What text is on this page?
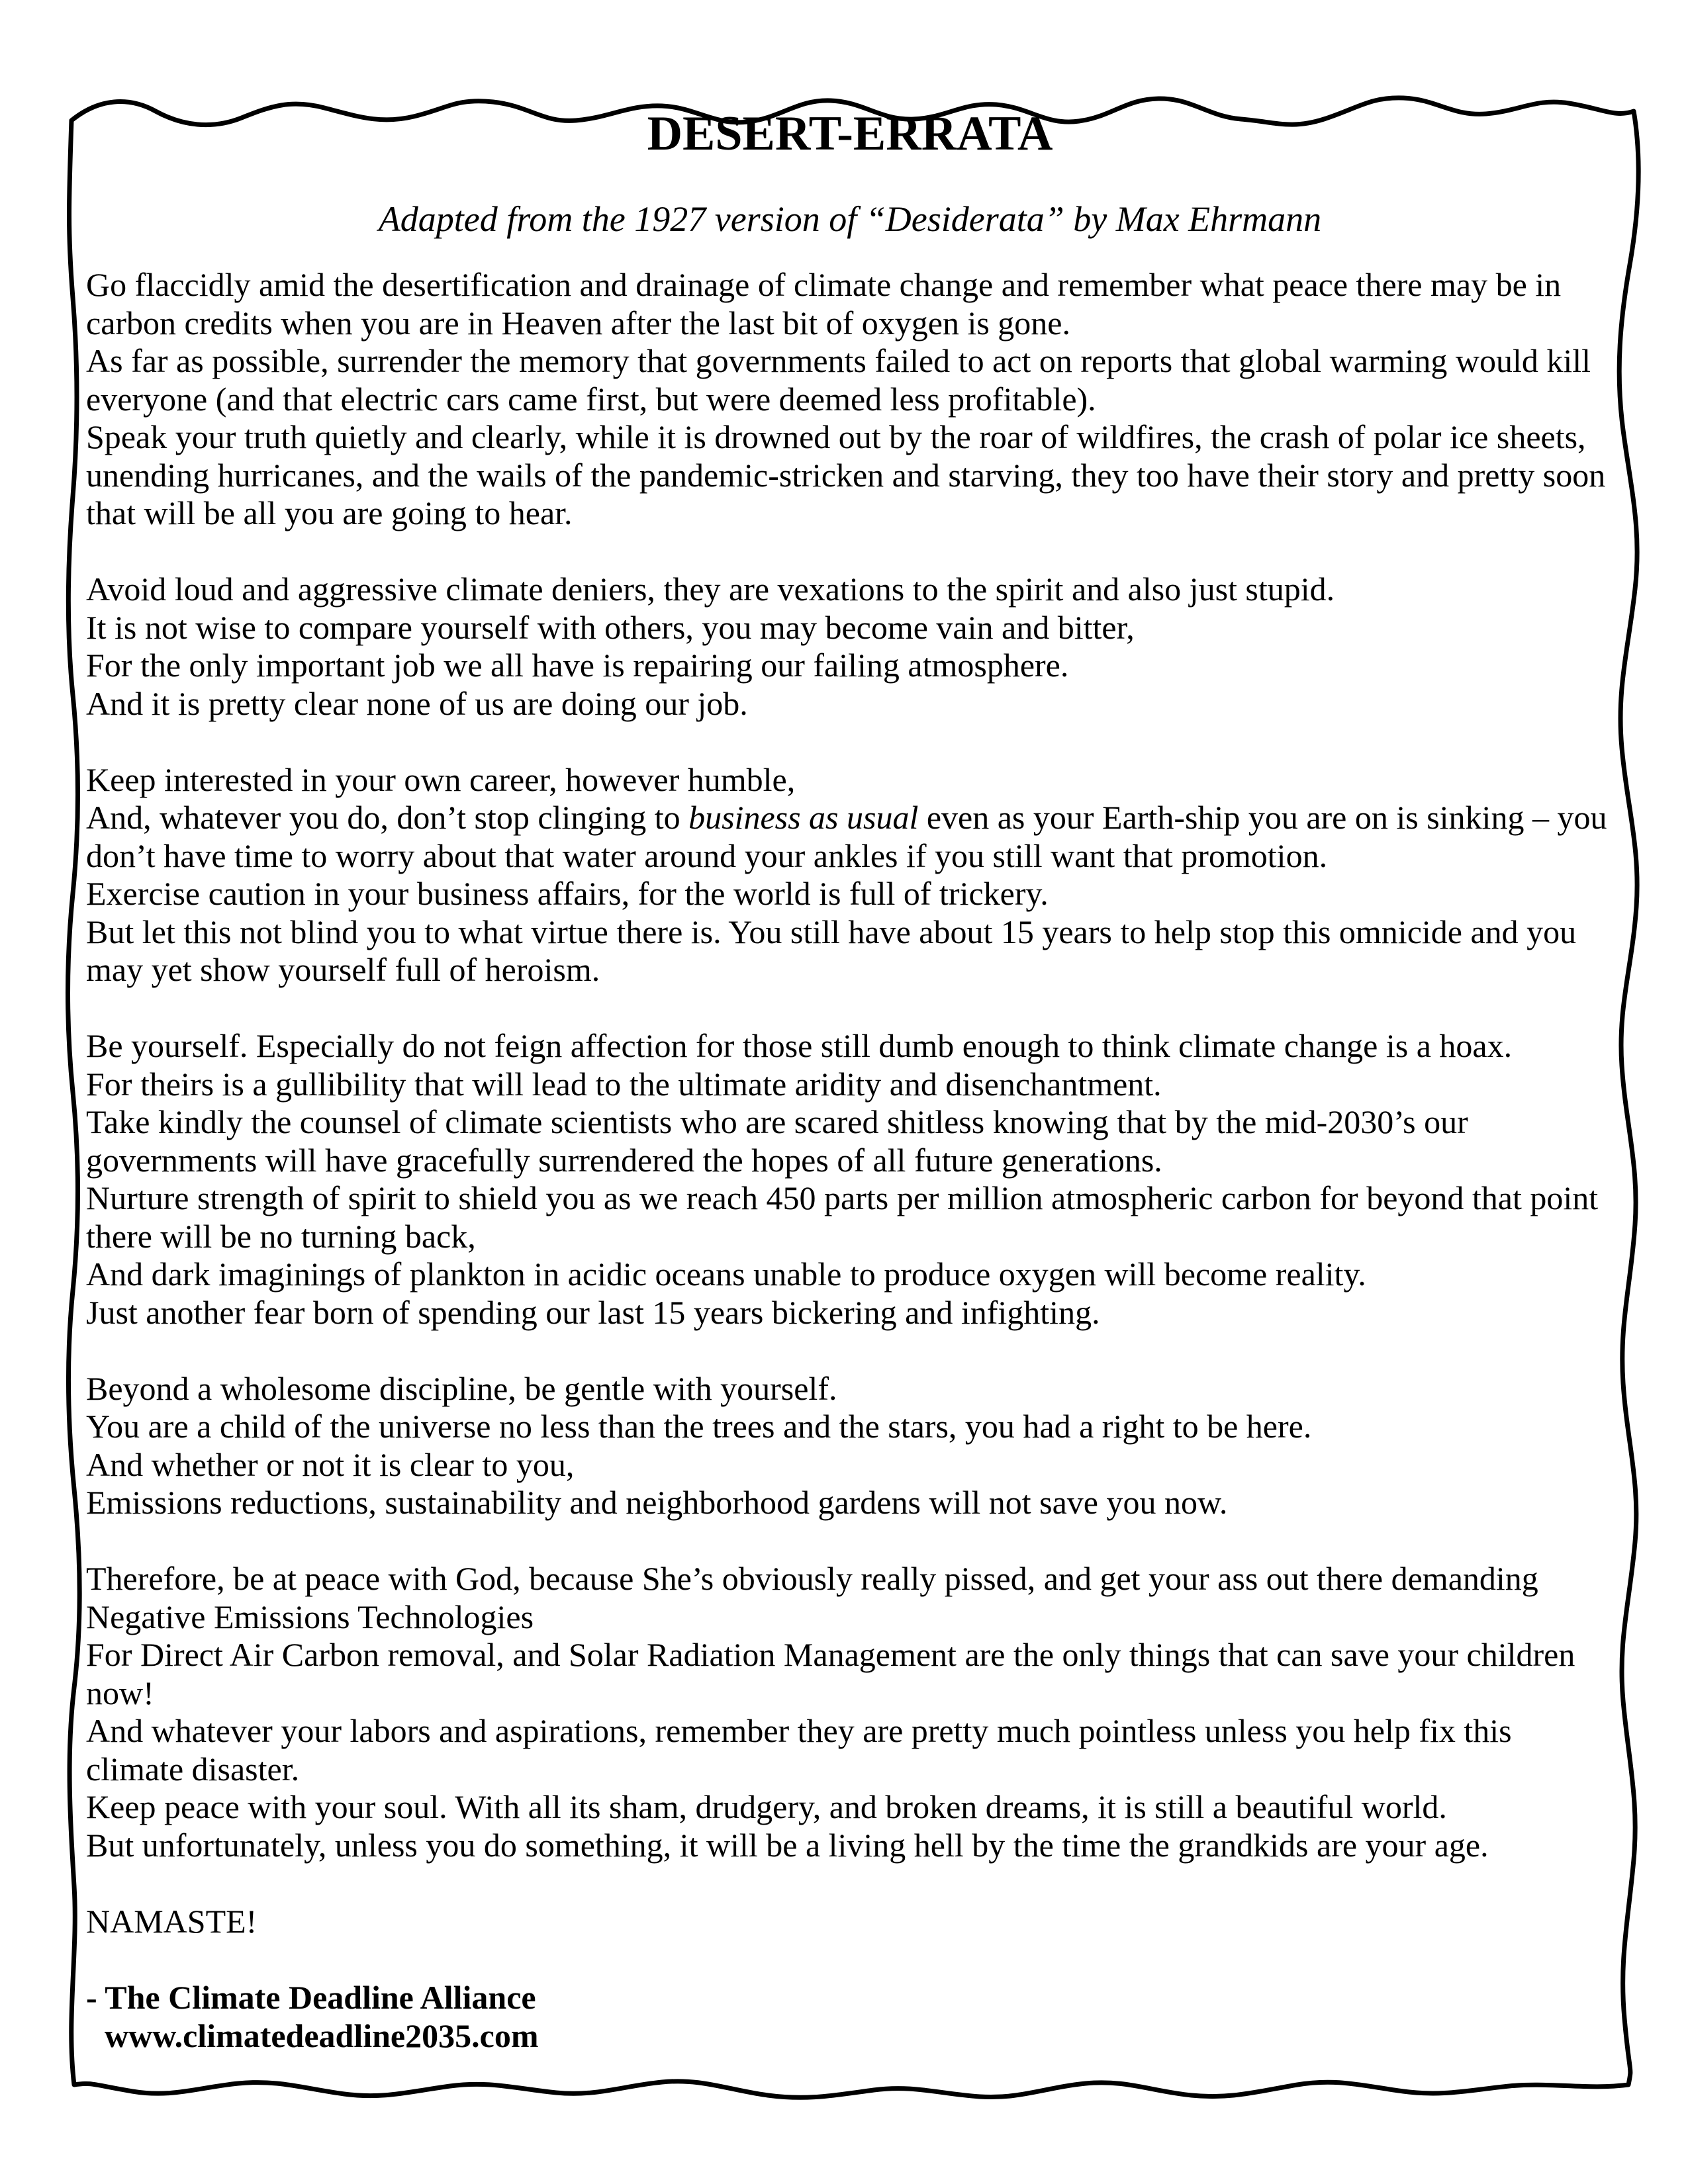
DESERT-ERRATA
Adapted from the 1927 version of “Desiderata” by Max Ehrmann
Go flaccidly amid the desertification and drainage of climate change and remember what peace there may be in carbon credits when you are in Heaven after the last bit of oxygen is gone.
As far as possible, surrender the memory that governments failed to act on reports that global warming would kill everyone (and that electric cars came first, but were deemed less profitable).
Speak your truth quietly and clearly, while it is drowned out by the roar of wildfires, the crash of polar ice sheets, unending hurricanes, and the wails of the pandemic-stricken and starving, they too have their story and pretty soon that will be all you are going to hear.
Avoid loud and aggressive climate deniers, they are vexations to the spirit and also just stupid.
It is not wise to compare yourself with others, you may become vain and bitter,
For the only important job we all have is repairing our failing atmosphere.
And it is pretty clear none of us are doing our job.
Keep interested in your own career, however humble,
And, whatever you do, don’t stop clinging to business as usual even as your Earth-ship you are on is sinking – you don’t have time to worry about that water around your ankles if you still want that promotion.
Exercise caution in your business affairs, for the world is full of trickery.
But let this not blind you to what virtue there is. You still have about 15 years to help stop this omnicide and you may yet show yourself full of heroism.
Be yourself. Especially do not feign affection for those still dumb enough to think climate change is a hoax.
For theirs is a gullibility that will lead to the ultimate aridity and disenchantment.
Take kindly the counsel of climate scientists who are scared shitless knowing that by the mid-2030’s our governments will have gracefully surrendered the hopes of all future generations.
Nurture strength of spirit to shield you as we reach 450 parts per million atmospheric carbon for beyond that point there will be no turning back,
And dark imaginings of plankton in acidic oceans unable to produce oxygen will become reality.
Just another fear born of spending our last 15 years bickering and infighting.
Beyond a wholesome discipline, be gentle with yourself.
You are a child of the universe no less than the trees and the stars, you had a right to be here.
And whether or not it is clear to you,
Emissions reductions, sustainability and neighborhood gardens will not save you now.
Therefore, be at peace with God, because She’s obviously really pissed, and get your ass out there demanding Negative Emissions Technologies
For Direct Air Carbon removal, and Solar Radiation Management are the only things that can save your children now!
And whatever your labors and aspirations, remember they are pretty much pointless unless you help fix this climate disaster.
Keep peace with your soul. With all its sham, drudgery, and broken dreams, it is still a beautiful world.
But unfortunately, unless you do something, it will be a living hell by the time the grandkids are your age.
NAMASTE!
- The Climate Deadline Alliance
www.climatedeadline2035.com
